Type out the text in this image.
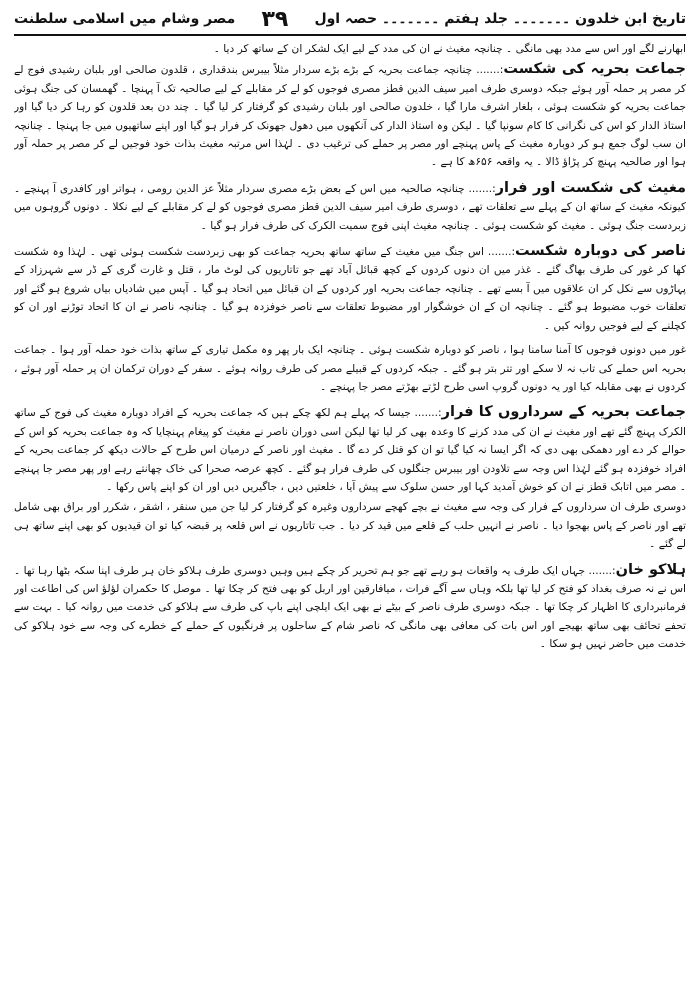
تاریخ ابن خلدون ۔۔۔۔۔۔۔ جلد ہفتم ۔۔۔۔۔۔۔ حصہ اول
۳۹
مصر وشام میں اسلامی سلطنت

ابھارنے لگے اور اس سے مدد بھی مانگی ۔ چنانچہ مغیث نے ان کی مدد کے لیے ایک لشکر ان کے ساتھ کر دیا ۔

جماعت بحریہ کی شکست:....... چنانچہ جماعت بحریہ کے بڑے بڑے سردار مثلاً بیبرس بندقداری ، قلدون صالحی اور بلبان رشیدی فوج لے کر مصر پر حملہ آور ہوئے جبکہ دوسری طرف امیر سیف الدین قطز مصری فوجوں کو لے کر مقابلے کے لیے صالحیہ تک آ پہنچا ۔ گھمسان کی جنگ ہوئی جماعت بحریہ کو شکست ہوئی ، بلغار اشرف مارا گیا ، خلدون صالحی اور بلبان رشیدی کو گرفتار کر لیا گیا ۔ چند دن بعد قلدون کو رہا کر دیا گیا اور استاذ الدار کو اس کی نگرانی کا کام سونپا گیا ۔ لیکن وہ استاذ الدار کی آنکھوں میں دھول جھونک کر فرار ہو گیا اور اپنے ساتھیوں میں جا پہنچا ۔ چنانچہ ان سب لوگ جمع ہو کر دوبارہ مغیث کے پاس پہنچے اور مصر پر حملے کی ترغیب دی ۔ لہٰذا اس مرتبہ مغیث بذات خود فوجیں لے کر مصر پر حملہ آور ہوا اور صالحیہ پہنچ کر پڑاؤ ڈالا ۔ یہ واقعہ ۶۵۶ھ کا ہے ۔

مغیث کی شکست اور فرار:....... چنانچہ صالحیہ میں اس کے بعض بڑے مصری سردار مثلاً عز الدین رومی ، ہواتر اور کافدری آ پہنچے ۔ کیونکہ مغیث کے ساتھ ان کے پہلے سے تعلقات تھے ، دوسری طرف امیر سیف الدین قطز مصری فوجوں کو لے کر مقابلے کے لیے نکلا ۔ دونوں گروہوں میں زبردست جنگ ہوئی ۔ مغیث کو شکست ہوئی ۔ چنانچہ مغیث اپنی فوج سمیت الکرک کی طرف فرار ہو گیا ۔

ناصر کی دوبارہ شکست:....... اس جنگ میں مغیث کے ساتھ ساتھ بحریہ جماعت کو بھی زبردست شکست ہوئی تھی ۔ لہٰذا وہ شکست کھا کر غور کی طرف بھاگ گئے ۔ غذر میں ان دنوں کردوں کے کچھ قبائل آباد تھے جو تاتاریوں کی لوٹ مار ، قتل و غارت گری کے ڈر سے شہرزاد کے پہاڑوں سے نکل کر ان علاقوں میں آ بسے تھے ۔ چنانچہ جماعت بحریہ اور کردوں کے ان قبائل میں اتحاد ہو گیا ۔ آپس میں شادیاں بیاں شروع ہو گئے اور تعلقات خوب مضبوط ہو گئے ۔ چنانچہ ان کے ان خوشگوار اور مضبوط تعلقات سے ناصر خوفزدہ ہو گیا ۔ چنانچہ ناصر نے ان کا اتحاد توڑنے اور ان کو کچلنے کے لیے فوجیں روانہ کیں ۔

غور میں دونوں فوجوں کا آمنا سامنا ہوا ، ناصر کو دوبارہ شکست ہوئی ۔ چنانچہ ایک بار پھر وہ مکمل تیاری کے ساتھ بذات خود حملہ آور ہوا ۔ جماعت بحریہ اس حملے کی تاب نہ لا سکے اور تتر بتر ہو گئے ۔ جبکہ کردوں کے قبیلے مصر کی طرف روانہ ہوئے ۔ سفر کے دوران ترکمان ان پر حملہ آور ہوئے ، کردوں نے بھی مقابلہ کیا اور یہ دونوں گروپ اسی طرح لڑتے بھڑتے مصر جا پہنچے ۔

جماعت بحریہ کے سرداروں کا فرار:....... جیسا کہ پہلے ہم لکھ چکے ہیں کہ جماعت بحریہ کے افراد دوبارہ مغیث کی فوج کے ساتھ الکرک پہنچ گئے تھے اور مغیث نے ان کی مدد کرنے کا وعدہ بھی کر لیا تھا لیکن اسی دوران ناصر نے مغیث کو پیغام پہنچایا کہ وہ جماعت بحریہ کو اس کے حوالے کر دے اور دھمکی بھی دی کہ اگر ایسا نہ کیا گیا تو ان کو قتل کر دے گا ۔ مغیث اور ناصر کے درمیان اس طرح کے حالات دیکھ کر جماعت بحریہ کے افراد خوفزدہ ہو گئے لہٰذا اس وجہ سے تلاودن اور بیبرس جنگلوں کی طرف فرار ہو گئے ۔ کچھ عرصہ صحرا کی خاک چھانتے رہے اور پھر مصر جا پہنچے ۔ مصر میں اتابک قطز نے ان کو خوش آمدید کہا اور حسن سلوک سے پیش آیا ، خلعتیں دیں ، جاگیریں دیں اور ان کو اپنے پاس رکھا ۔

دوسری طرف ان سرداروں کے فرار کی وجہ سے مغیث نے بچے کھچے سرداروں وغیرہ کو گرفتار کر لیا جن میں سنقر ، اشقر ، شکرر اور براق بھی شامل تھے اور ناصر کے پاس بھجوا دیا ۔ ناصر نے انہیں حلب کے قلعے میں قید کر دیا ۔ جب تاتاریوں نے اس قلعہ پر قبضہ کیا تو ان قیدیوں کو بھی اپنے ساتھ ہی لے گئے ۔

ہلاکو خان:....... جہاں ایک طرف یہ واقعات ہو رہے تھے جو ہم تحریر کر چکے ہیں وہیں دوسری طرف ہلاکو خان ہر طرف اپنا سکہ بٹھا رہا تھا ۔ اس نے نہ صرف بغداد کو فتح کر لیا تھا بلکہ وہاں سے آگے فرات ، میافارقین اور اربل کو بھی فتح کر چکا تھا ۔ موصل کا حکمران لؤلؤ اس کی اطاعت اور فرمانبرداری کا اظہار کر چکا تھا ۔ جبکہ دوسری طرف ناصر کے بیٹے نے بھی ایک ایلچی اپنے باپ کی طرف سے ہلاکو کی خدمت میں روانہ کیا ۔ بہت سے تحفے تحائف بھی ساتھ بھیجے اور اس بات کی معافی بھی مانگی کہ ناصر شام کے ساحلوں پر فرنگیوں کے حملے کے خطرے کی وجہ سے خود ہلاکو کی خدمت میں حاضر نہیں ہو سکا ۔
